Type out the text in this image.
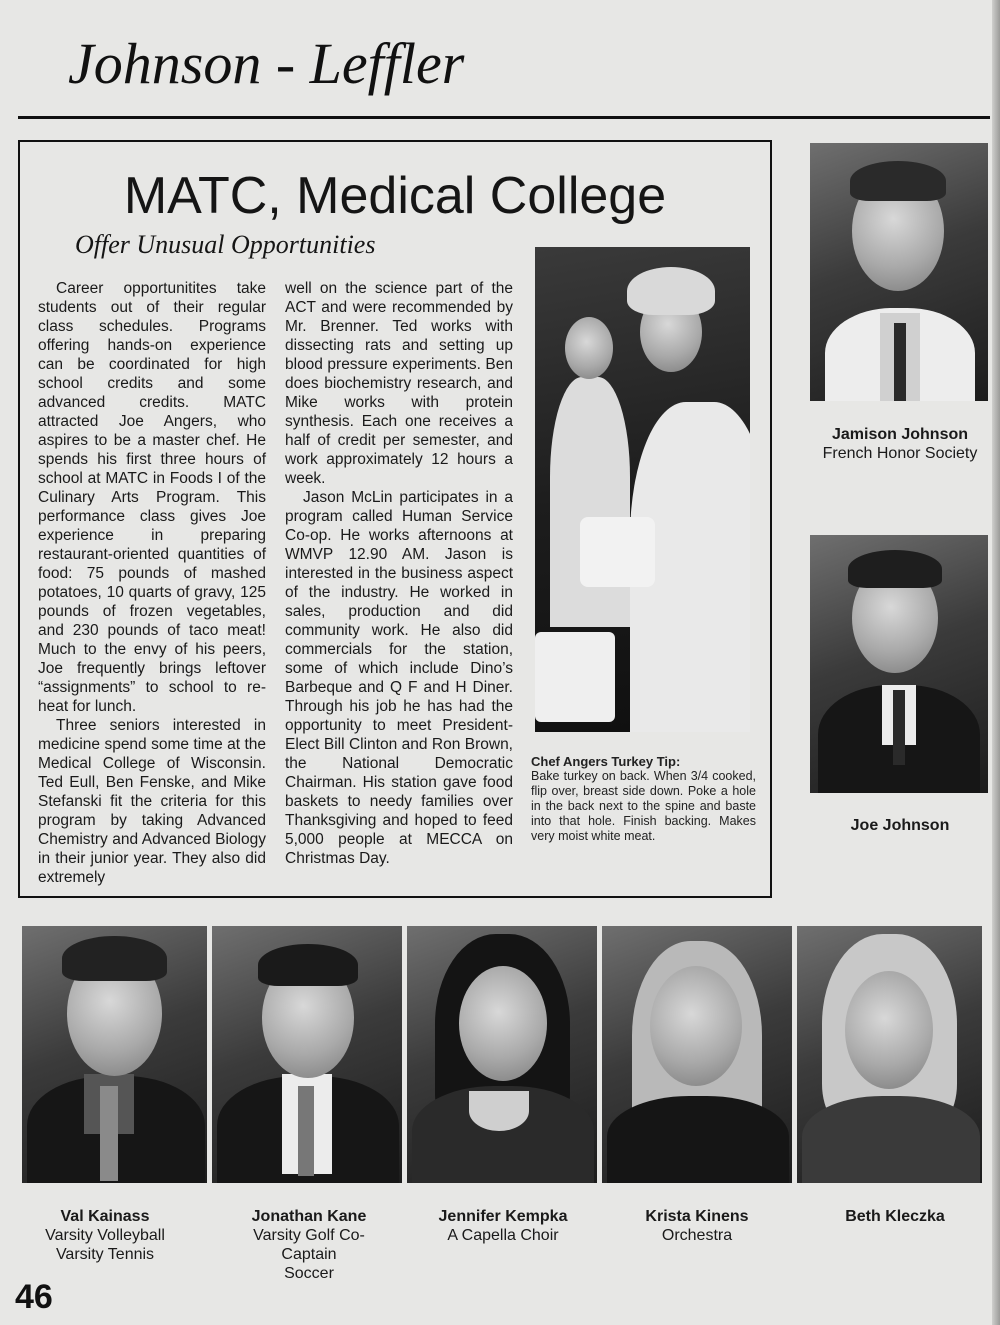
Johnson - Leffler
MATC, Medical College
Offer Unusual Opportunities

Career opportunitites take students out of their regular class schedules. Programs offering hands-on experience can be coordinated for high school credits and some advanced credits. MATC attracted Joe Angers, who aspires to be a master chef. He spends his first three hours of school at MATC in Foods I of the Culinary Arts Program. This performance class gives Joe experience in preparing restaurant-oriented quantities of food: 75 pounds of mashed potatoes, 10 quarts of gravy, 125 pounds of frozen vegetables, and 230 pounds of taco meat! Much to the envy of his peers, Joe frequently brings leftover “assignments” to school to re-heat for lunch.

Three seniors interested in medicine spend some time at the Medical College of Wisconsin. Ted Eull, Ben Fenske, and Mike Stefanski fit the criteria for this program by taking Advanced Chemistry and Advanced Biology in their junior year. They also did extremely

well on the science part of the ACT and were recommended by Mr. Brenner. Ted works with dissecting rats and setting up blood pressure experiments. Ben does biochemistry research, and Mike works with protein synthesis. Each one receives a half of credit per semester, and work approximately 12 hours a week.

Jason McLin participates in a program called Human Service Co-op. He works afternoons at WMVP 12.90 AM. Jason is interested in the business aspect of the industry. He worked in sales, production and did community work. He also did commercials for the station, some of which include Dino’s Barbeque and Q F and H Diner. Through his job he has had the opportunity to meet President-Elect Bill Clinton and Ron Brown, the National Democratic Chairman. His station gave food baskets to needy families over Thanksgiving and hoped to feed 5,000 people at MECCA on Christmas Day.

Chef Angers Turkey Tip:
Bake turkey on back. When 3/4 cooked, flip over, breast side down. Poke a hole in the back next to the spine and baste into that hole. Finish backing. Makes very moist white meat.
Jamison Johnson
French Honor Society
Joe Johnson
Val Kainass
Varsity Volleyball
Varsity Tennis
Jonathan Kane
Varsity Golf Co-
Captain
Soccer
Jennifer Kempka
A Capella Choir
Krista Kinens
Orchestra
Beth Kleczka
46
